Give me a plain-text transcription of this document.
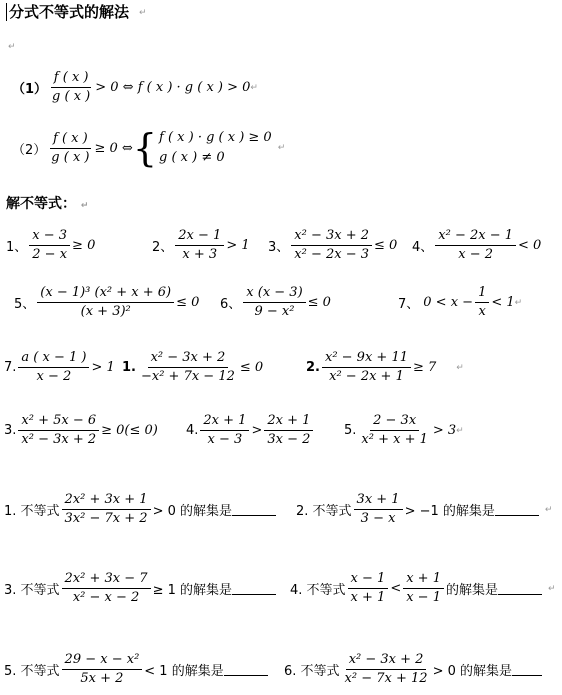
分式不等式的解法 ↵
↵
$(1) \frac{f ( x )}{g ( x )} > 0$ ⇔ f ( x ) · g ( x ) > 0 ↵
$(2) \frac{f ( x )}{g ( x )} \ge 0$ ⇔ { f ( x ) · g ( x ) ≥ 0
g ( x ) ≠ 0
↵
解不等式： ↵
1、 $\frac{x - 3}{2 - x} \ge 0$	2、 $\frac{2x - 1}{x + 3} > 1$ 3、 $\frac{\text{x² − 3x + 2}}{\text{x² − 2x − 3}} \le 0$ 4、 $\frac{\text{x² − 2x − 1}}{x - 2} < 0$
5、 $\frac{\text{(x − 1)³ (x² + x + 6)}}{\text{(x + 3)²}} \le 0$ 6、 $\frac{x (x - 3)}{\text{9 − x²}} \le 0$	7、 $0 < x - \frac{1}{x} < 1$ ↵
7. $\frac{a ( x - 1 )}{x - 2} > 1$ 1. $\frac{\text{x² − 3x + 2}}{\text{−x² + 7x − 12}} \le 0$	2. $\frac{\text{x² − 9x + 11}}{\text{x² − 2x + 1}} \ge 7$ ↵
3. $\frac{\text{x² + 5x − 6}}{\text{x² − 3x + 2}} \ge 0(\le 0)$ 4. $\frac{2x + 1}{x - 3} > \frac{2x + 1}{3x - 2} 5$. $\frac{2 - 3x}{\text{x² + x + 1}} > 3$ ↵
1. 不等式 $\frac{\text{2x² + 3x + 1}}{\text{3x² − 7x + 2}} > 0$ 的解集是	2. 不等式 $\frac{3x + 1}{3 - x} > -1$ 的解集是	↵
3. 不等式 $\frac{\text{2x² + 3x − 7}}{\text{x² − x − 2}} \ge 1$ 的解集是	4. 不等式 $\frac{x - 1}{x + 1} < \frac{x + 1}{x - 1}$ 的解集是	↵
5. 不等式 $\frac{\text{29 − x − x²}}{5x + 2} < 1$ 的解集是	6. 不等式 $\frac{\text{x² − 3x + 2}}{\text{x² − 7x + 12}} > 0$ 的解集是
